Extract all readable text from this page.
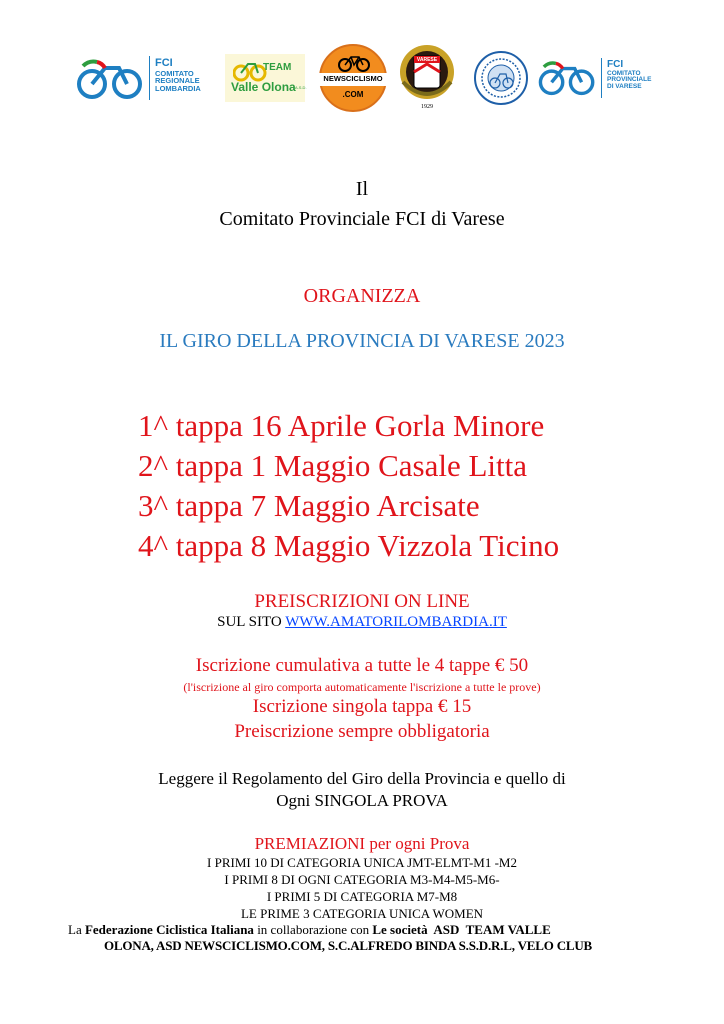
FCI
COMITATO
REGIONALE
LOMBARDIA
TEAM
Valle Olona A.S.D.
NEWSCICLISMO
.COM
VARESE
1929
FCI
COMITATO
PROVINCIALE
DI VARESE
Il
Comitato Provinciale FCI di Varese
ORGANIZZA
IL GIRO DELLA PROVINCIA DI VARESE 2023
1^ tappa 16 Aprile Gorla Minore
2^ tappa 1 Maggio Casale Litta
3^ tappa 7 Maggio Arcisate
4^ tappa 8 Maggio Vizzola Ticino
PREISCRIZIONI ON LINE
SUL SITO WWW.AMATORILOMBARDIA.IT
Iscrizione cumulativa a tutte le 4 tappe € 50
(l'iscrizione al giro comporta automaticamente l'iscrizione a tutte le prove)
Iscrizione singola tappa € 15
Preiscrizione sempre obbligatoria
Leggere il Regolamento del Giro della Provincia e quello di
Ogni SINGOLA PROVA
PREMIAZIONI per ogni Prova
I PRIMI 10 DI CATEGORIA UNICA JMT-ELMT-M1 -M2
I PRIMI 8 DI OGNI CATEGORIA M3-M4-M5-M6-
I PRIMI 5 DI CATEGORIA M7-M8
LE PRIME 3 CATEGORIA UNICA WOMEN
La Federazione Ciclistica Italiana in collaborazione con Le società  ASD  TEAM VALLE
OLONA, ASD NEWSCICLISMO.COM, S.C.ALFREDO BINDA S.S.D.R.L, VELO CLUB
